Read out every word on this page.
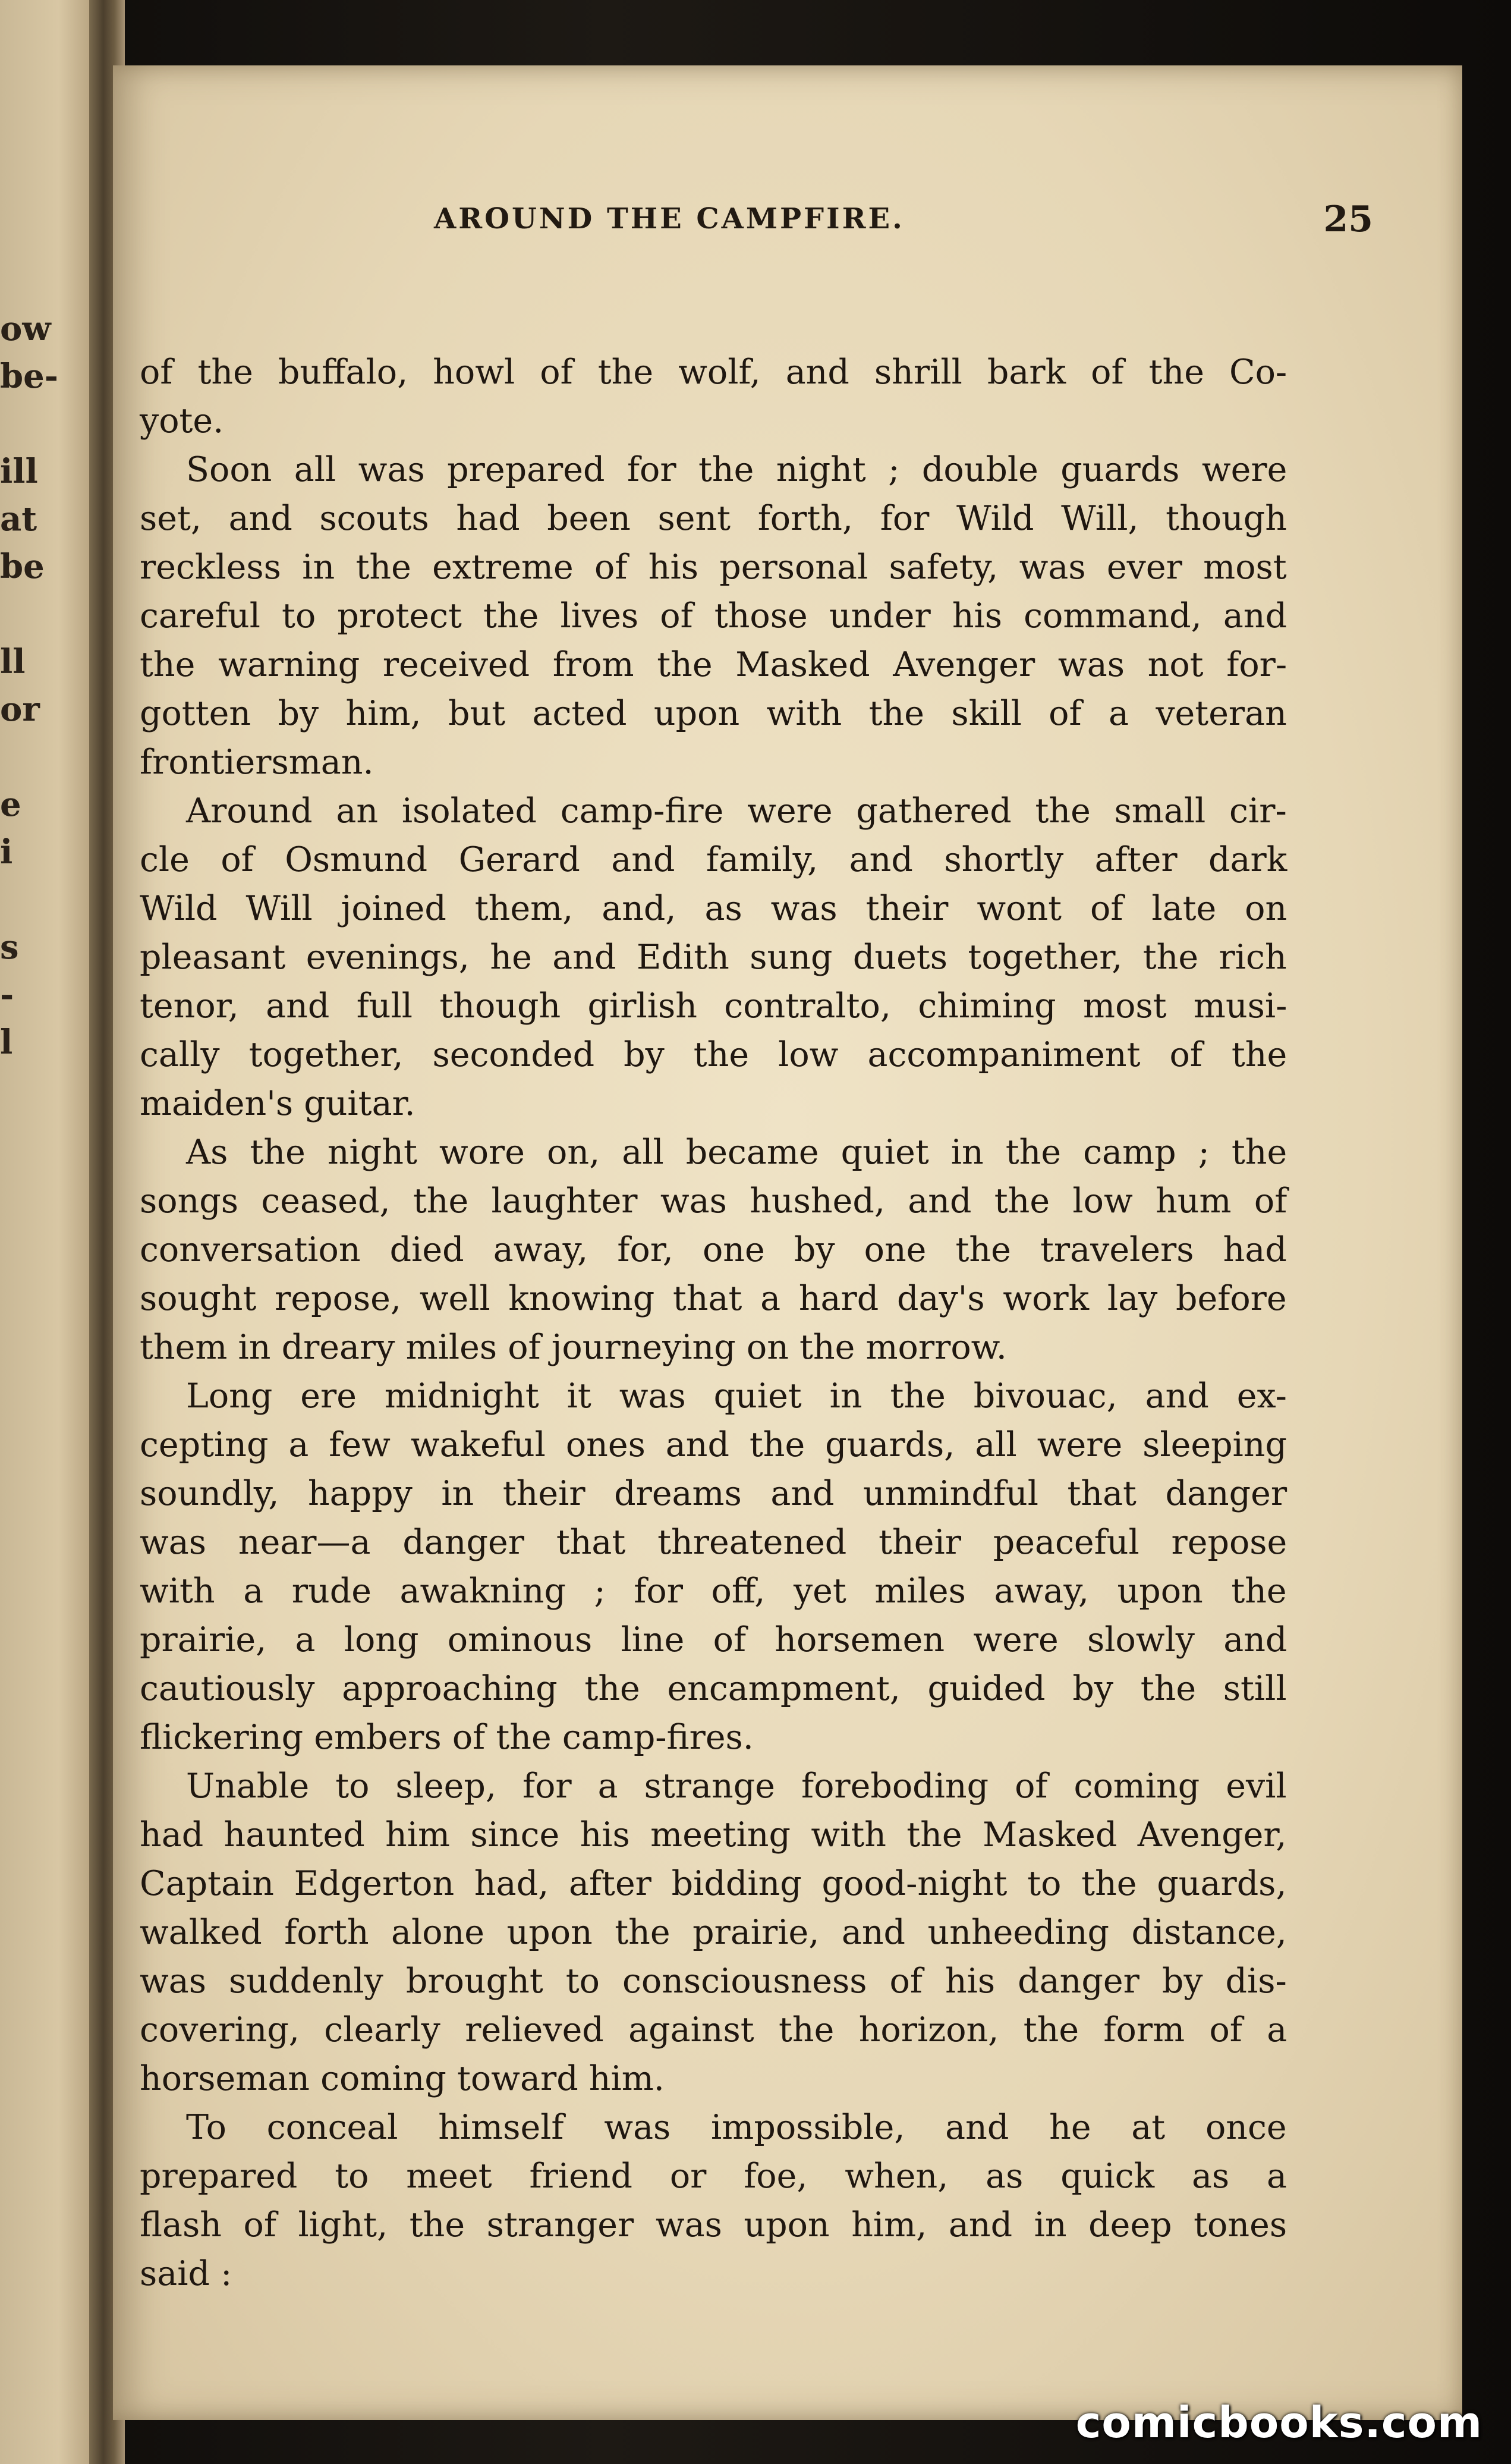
ow
be-
ill
at
be
ll
or
e
i
s
-
l
AROUND THE CAMPFIRE.	25
of the buffalo, howl of the wolf, and shrill bark of the Co-
yote.
Soon all was prepared for the night ; double guards were
set, and scouts had been sent forth, for Wild Will, though
reckless in the extreme of his personal safety, was ever most
careful to protect the lives of those under his command, and
the warning received from the Masked Avenger was not for-
gotten by him, but acted upon with the skill of a veteran
frontiersman.
Around an isolated camp-fire were gathered the small cir-
cle of Osmund Gerard and family, and shortly after dark
Wild Will joined them, and, as was their wont of late on
pleasant evenings, he and Edith sung duets together, the rich
tenor, and full though girlish contralto, chiming most musi-
cally together, seconded by the low accompaniment of the
maiden's guitar.
As the night wore on, all became quiet in the camp ; the
songs ceased, the laughter was hushed, and the low hum of
conversation died away, for, one by one the travelers had
sought repose, well knowing that a hard day's work lay before
them in dreary miles of journeying on the morrow.
Long ere midnight it was quiet in the bivouac, and ex-
cepting a few wakeful ones and the guards, all were sleeping
soundly, happy in their dreams and unmindful that danger
was near—a danger that threatened their peaceful repose
with a rude awakning ; for off, yet miles away, upon the
prairie, a long ominous line of horsemen were slowly and
cautiously approaching the encampment, guided by the still
flickering embers of the camp-fires.
Unable to sleep, for a strange foreboding of coming evil
had haunted him since his meeting with the Masked Avenger,
Captain Edgerton had, after bidding good-night to the guards,
walked forth alone upon the prairie, and unheeding distance,
was suddenly brought to consciousness of his danger by dis-
covering, clearly relieved against the horizon, the form of a
horseman coming toward him.
To conceal himself was impossible, and he at once
prepared to meet friend or foe, when, as quick as a
flash of light, the stranger was upon him, and in deep tones
said :
comicbooks.com
